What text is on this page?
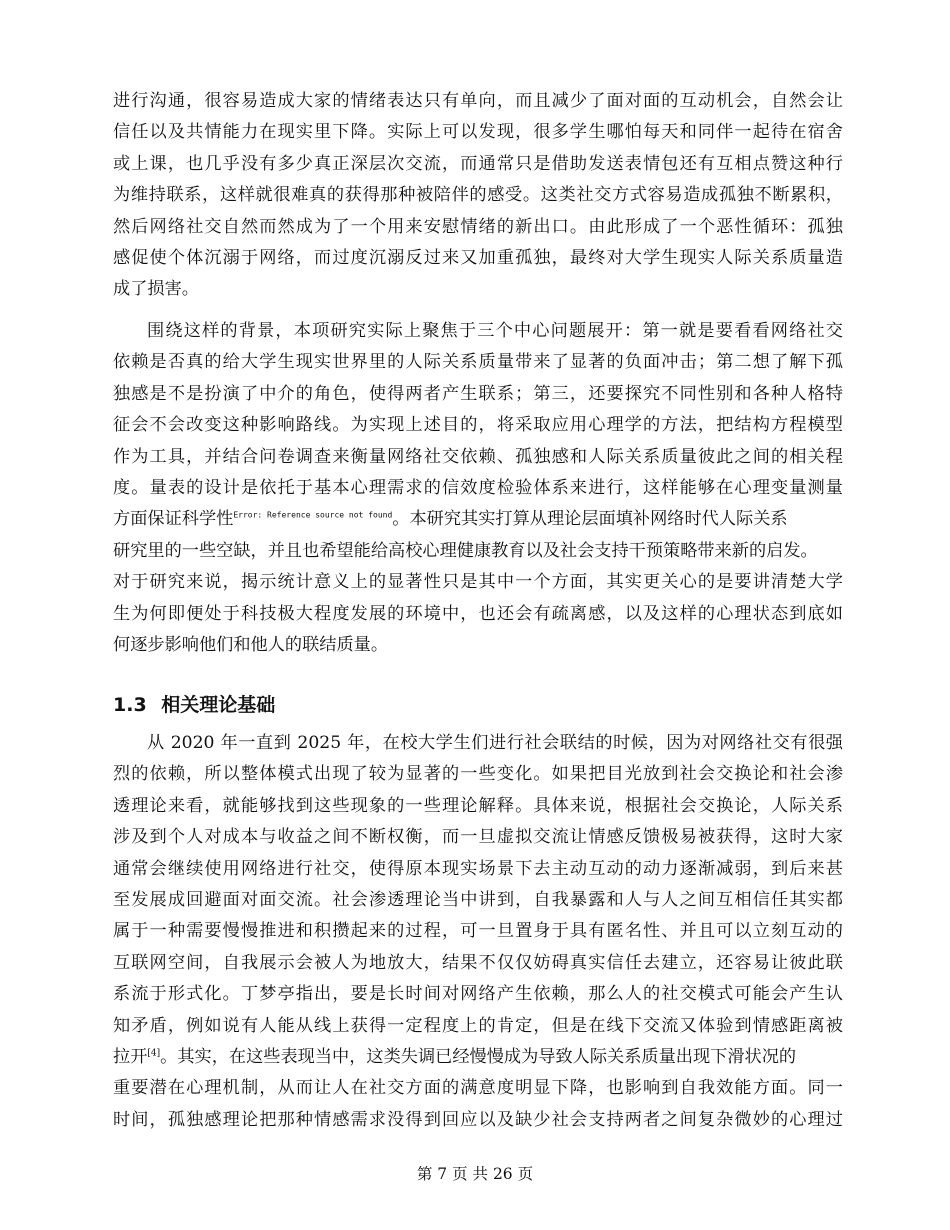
进行沟通，很容易造成大家的情绪表达只有单向，而且减少了面对面的互动机会，自然会让
信任以及共情能力在现实里下降。实际上可以发现，很多学生哪怕每天和同伴一起待在宿舍
或上课，也几乎没有多少真正深层次交流，而通常只是借助发送表情包还有互相点赞这种行
为维持联系，这样就很难真的获得那种被陪伴的感受。这类社交方式容易造成孤独不断累积，
然后网络社交自然而然成为了一个用来安慰情绪的新出口。由此形成了一个恶性循环：孤独
感促使个体沉溺于网络，而过度沉溺反过来又加重孤独，最终对大学生现实人际关系质量造
成了损害。
围绕这样的背景，本项研究实际上聚焦于三个中心问题展开：第一就是要看看网络社交
依赖是否真的给大学生现实世界里的人际关系质量带来了显著的负面冲击；第二想了解下孤
独感是不是扮演了中介的角色，使得两者产生联系；第三，还要探究不同性别和各种人格特
征会不会改变这种影响路线。为实现上述目的，将采取应用心理学的方法，把结构方程模型
作为工具，并结合问卷调查来衡量网络社交依赖、孤独感和人际关系质量彼此之间的相关程
度。量表的设计是依托于基本心理需求的信效度检验体系来进行，这样能够在心理变量测量
方面保证科学性$^{Error: Reference source not found}$。本研究其实打算从理论层面填补网络时代人际关系
研究里的一些空缺，并且也希望能给高校心理健康教育以及社会支持干预策略带来新的启发。
对于研究来说，揭示统计意义上的显著性只是其中一个方面，其实更关心的是要讲清楚大学
生为何即便处于科技极大程度发展的环境中，也还会有疏离感，以及这样的心理状态到底如
何逐步影响他们和他人的联结质量。
1.3 相关理论基础
从 2020 年一直到 2025 年，在校大学生们进行社会联结的时候，因为对网络社交有很强
烈的依赖，所以整体模式出现了较为显著的一些变化。如果把目光放到社会交换论和社会渗
透理论来看，就能够找到这些现象的一些理论解释。具体来说，根据社会交换论，人际关系
涉及到个人对成本与收益之间不断权衡，而一旦虚拟交流让情感反馈极易被获得，这时大家
通常会继续使用网络进行社交，使得原本现实场景下去主动互动的动力逐渐减弱，到后来甚
至发展成回避面对面交流。社会渗透理论当中讲到，自我暴露和人与人之间互相信任其实都
属于一种需要慢慢推进和积攒起来的过程，可一旦置身于具有匿名性、并且可以立刻互动的
互联网空间，自我展示会被人为地放大，结果不仅仅妨碍真实信任去建立，还容易让彼此联
系流于形式化。丁梦亭指出，要是长时间对网络产生依赖，那么人的社交模式可能会产生认
知矛盾，例如说有人能从线上获得一定程度上的肯定，但是在线下交流又体验到情感距离被
拉开[4]。其实，在这些表现当中，这类失调已经慢慢成为导致人际关系质量出现下滑状况的
重要潜在心理机制，从而让人在社交方面的满意度明显下降，也影响到自我效能方面。同一
时间，孤独感理论把那种情感需求没得到回应以及缺少社会支持两者之间复杂微妙的心理过
第 7 页 共 26 页
